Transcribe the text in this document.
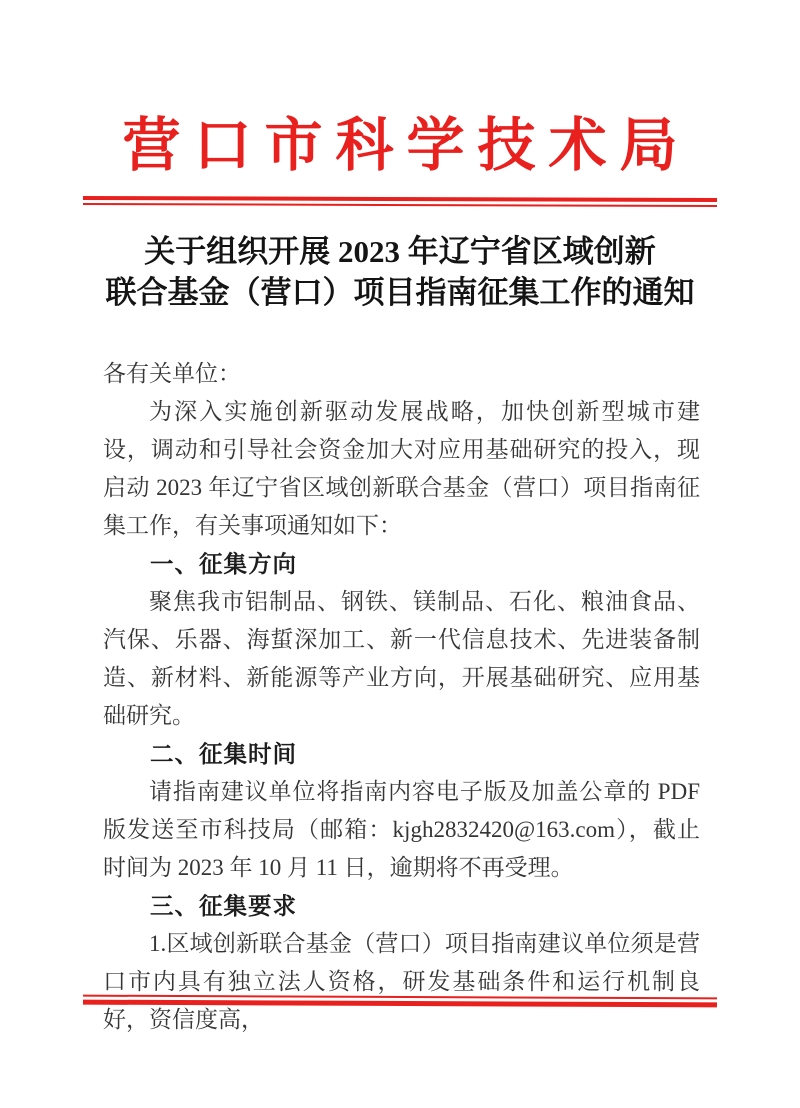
营口市科学技术局
关于组织开展 2023 年辽宁省区域创新
联合基金（营口）项目指南征集工作的通知

各有关单位：

为深入实施创新驱动发展战略，加快创新型城市建设，调动和引导社会资金加大对应用基础研究的投入，现启动 2023 年辽宁省区域创新联合基金（营口）项目指南征集工作，有关事项通知如下：

一、征集方向

聚焦我市铝制品、钢铁、镁制品、石化、粮油食品、汽保、乐器、海蜇深加工、新一代信息技术、先进装备制造、新材料、新能源等产业方向，开展基础研究、应用基础研究。

二、征集时间

请指南建议单位将指南内容电子版及加盖公章的 PDF 版发送至市科技局（邮箱：kjgh2832420@163.com），截止时间为 2023 年 10 月 11 日，逾期将不再受理。

三、征集要求

1.区域创新联合基金（营口）项目指南建议单位须是营口市内具有独立法人资格，研发基础条件和运行机制良好，资信度高，
